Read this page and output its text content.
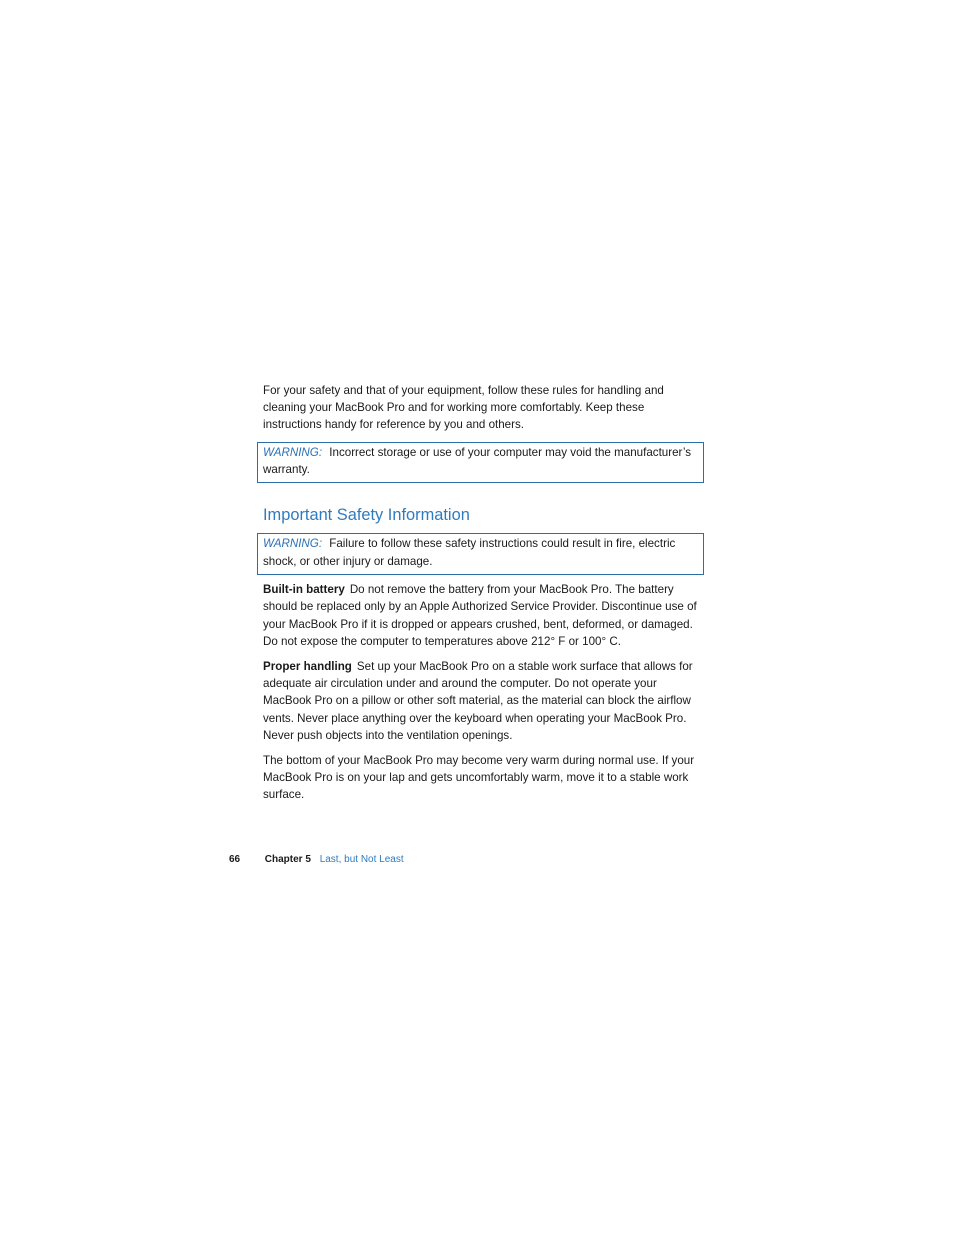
For your safety and that of your equipment, follow these rules for handling and cleaning your MacBook Pro and for working more comfortably. Keep these instructions handy for reference by you and others.

WARNING: Incorrect storage or use of your computer may void the manufacturer’s warranty.
Important Safety Information
WARNING: Failure to follow these safety instructions could result in fire, electric shock, or other injury or damage.

Built-in battery Do not remove the battery from your MacBook Pro. The battery should be replaced only by an Apple Authorized Service Provider. Discontinue use of your MacBook Pro if it is dropped or appears crushed, bent, deformed, or damaged. Do not expose the computer to temperatures above 212° F or 100° C.

Proper handling Set up your MacBook Pro on a stable work surface that allows for adequate air circulation under and around the computer. Do not operate your MacBook Pro on a pillow or other soft material, as the material can block the airflow vents. Never place anything over the keyboard when operating your MacBook Pro. Never push objects into the ventilation openings.

The bottom of your MacBook Pro may become very warm during normal use. If your MacBook Pro is on your lap and gets uncomfortably warm, move it to a stable work surface.

66 Chapter 5 Last, but Not Least
